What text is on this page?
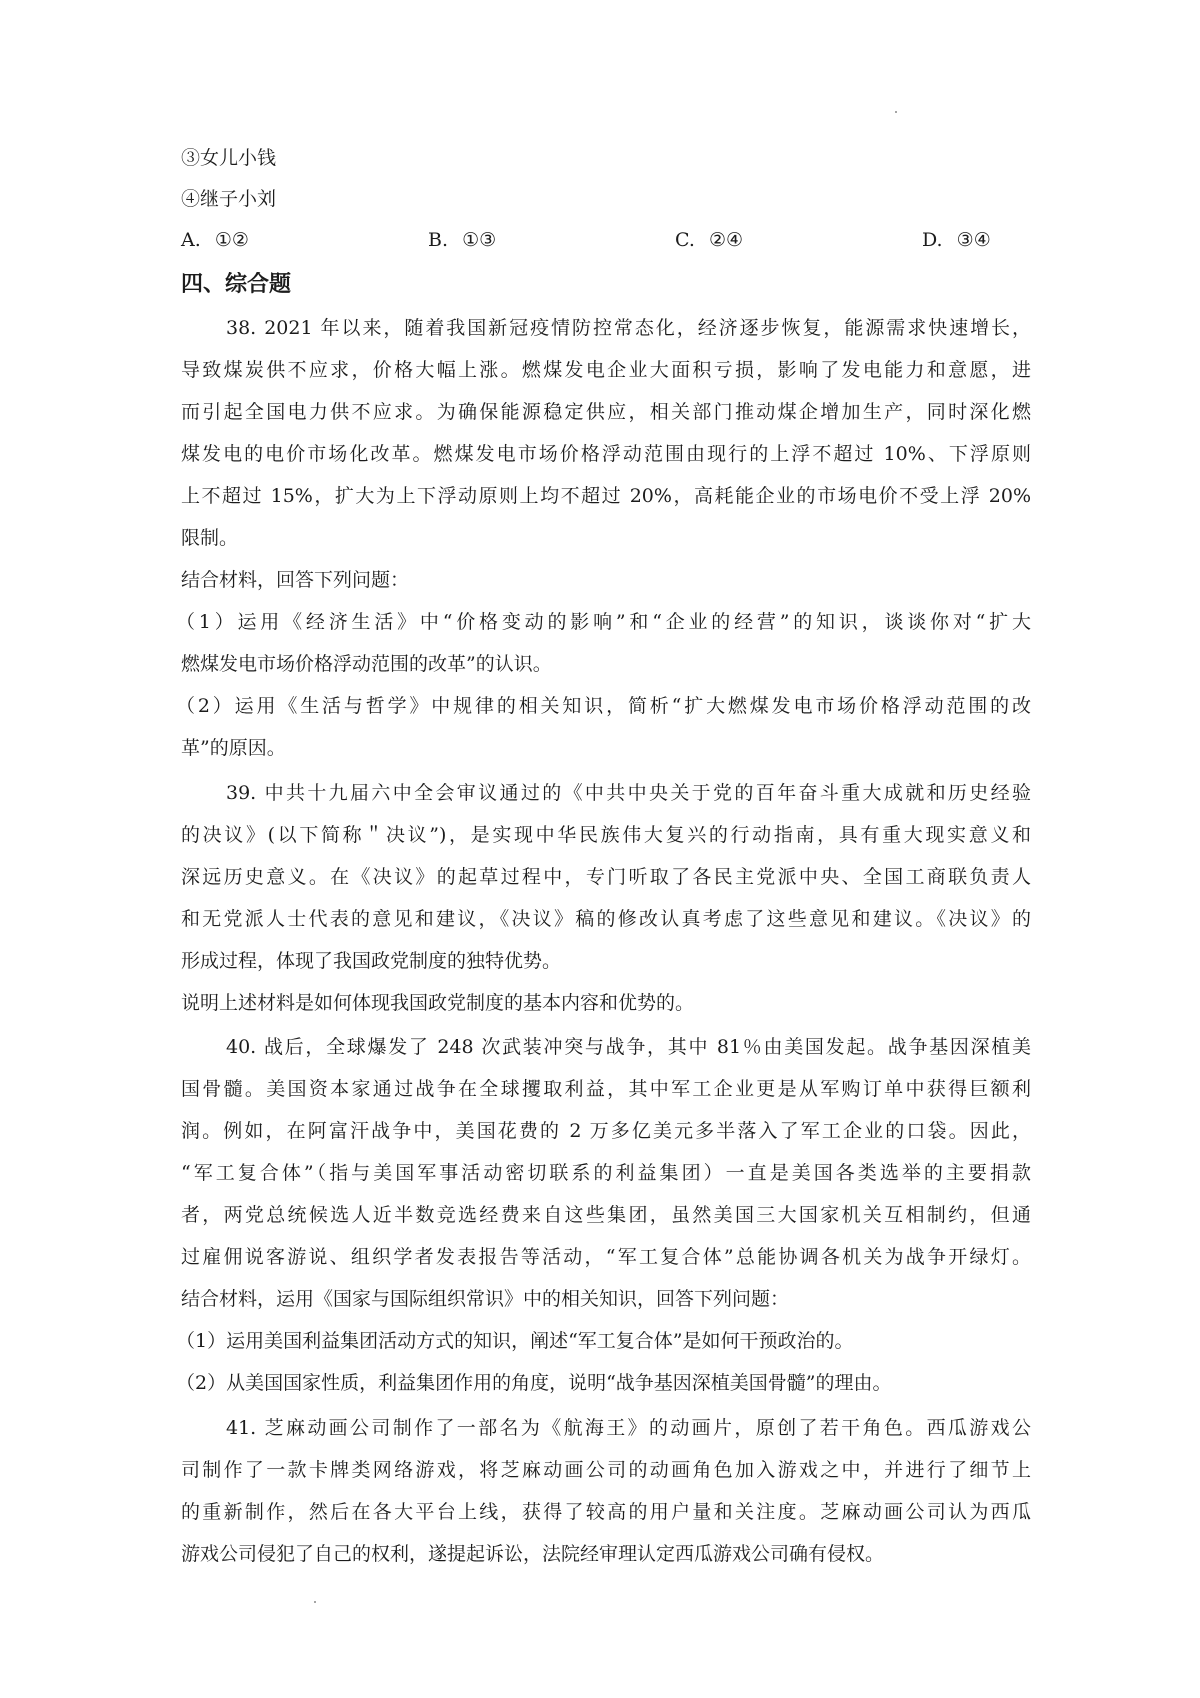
③女儿小钱
④继子小刘
A. ①②	B. ①③	C. ②④	D. ③④
四、综合题
38. 2021 年以来，随着我国新冠疫情防控常态化，经济逐步恢复，能源需求快速增长，
导致煤炭供不应求，价格大幅上涨。燃煤发电企业大面积亏损，影响了发电能力和意愿，进
而引起全国电力供不应求。为确保能源稳定供应，相关部门推动煤企增加生产，同时深化燃
煤发电的电价市场化改革。燃煤发电市场价格浮动范围由现行的上浮不超过 10%、下浮原则
上不超过 15%，扩大为上下浮动原则上均不超过 20%，高耗能企业的市场电价不受上浮 20%
限制。
结合材料，回答下列问题：
（1）运用《经济生活》中“价格变动的影响”和“企业的经营”的知识，谈谈你对“扩大
燃煤发电市场价格浮动范围的改革”的认识。
（2）运用《生活与哲学》中规律的相关知识，简析“扩大燃煤发电市场价格浮动范围的改
革”的原因。
39. 中共十九届六中全会审议通过的《中共中央关于党的百年奋斗重大成就和历史经验
的决议》(以下简称＂决议”)，是实现中华民族伟大复兴的行动指南，具有重大现实意义和
深远历史意义。在《决议》的起草过程中，专门听取了各民主党派中央、全国工商联负责人
和无党派人士代表的意见和建议，《决议》稿的修改认真考虑了这些意见和建议。《决议》的
形成过程，体现了我国政党制度的独特优势。
说明上述材料是如何体现我国政党制度的基本内容和优势的。
40. 战后，全球爆发了 248 次武装冲突与战争，其中 81％由美国发起。战争基因深植美
国骨髓。美国资本家通过战争在全球攫取利益，其中军工企业更是从军购订单中获得巨额利
润。例如，在阿富汗战争中，美国花费的 2 万多亿美元多半落入了军工企业的口袋。因此，
“军工复合体”（指与美国军事活动密切联系的利益集团）一直是美国各类选举的主要捐款
者，两党总统候选人近半数竞选经费来自这些集团，虽然美国三大国家机关互相制约，但通
过雇佣说客游说、组织学者发表报告等活动，“军工复合体”总能协调各机关为战争开绿灯。
结合材料，运用《国家与国际组织常识》中的相关知识，回答下列问题：
（1）运用美国利益集团活动方式的知识，阐述“军工复合体”是如何干预政治的。
（2）从美国国家性质，利益集团作用的角度，说明“战争基因深植美国骨髓”的理由。
41. 芝麻动画公司制作了一部名为《航海王》的动画片，原创了若干角色。西瓜游戏公
司制作了一款卡牌类网络游戏，将芝麻动画公司的动画角色加入游戏之中，并进行了细节上
的重新制作，然后在各大平台上线，获得了较高的用户量和关注度。芝麻动画公司认为西瓜
游戏公司侵犯了自己的权利，遂提起诉讼，法院经审理认定西瓜游戏公司确有侵权。
